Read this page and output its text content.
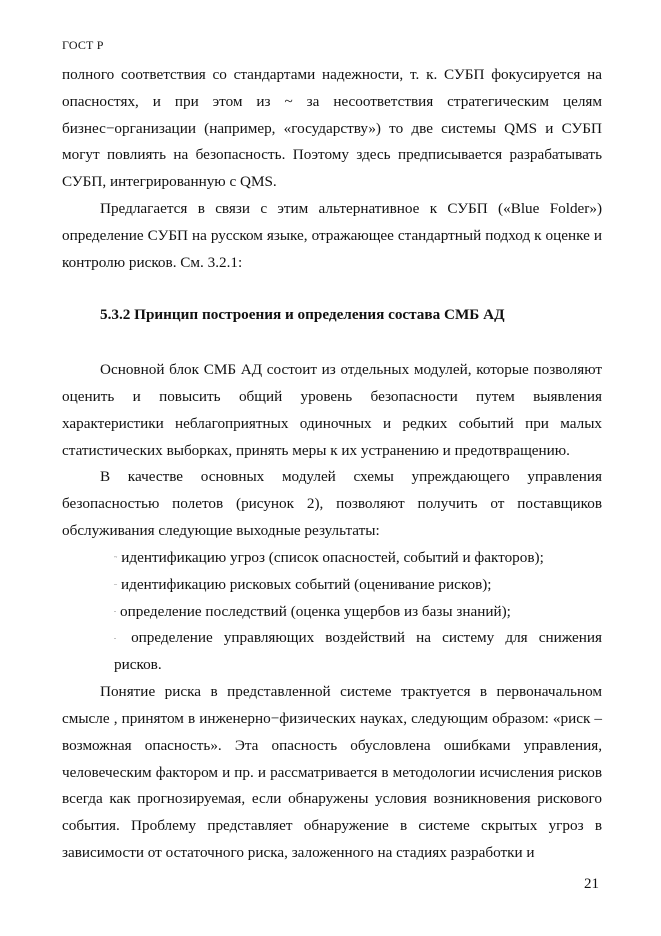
ГОСТ Р

полного соответствия со стандартами надежности, т. к. СУБП фокусируется на опасностях, и при этом из ~ за несоответствия стратегическим целям бизнес−организации (например, «государству») то две системы QMS и СУБП могут повлиять на безопасность. Поэтому здесь предписывается разрабатывать СУБП, интегрированную с QMS.

Предлагается в связи с этим альтернативное к СУБП («Blue Folder») определение СУБП на русском языке, отражающее стандартный подход к оценке и контролю рисков. См. 3.2.1:

5.3.2 Принцип построения и определения состава СМБ АД

Основной блок СМБ АД состоит из отдельных модулей, которые позволяют оценить и повысить общий уровень безопасности путем выявления характеристики неблагоприятных одиночных и редких событий при малых статистических выборках, принять меры к их устранению и предотвращению.

В качестве основных модулей схемы упреждающего управления безопасностью полетов (рисунок 2), позволяют получить от поставщиков обслуживания следующие выходные результаты:

~ идентификацию угроз (список опасностей, событий и факторов);
– идентификацию рисковых событий (оценивание рисков);
- определение последствий (оценка ущербов из базы знаний);
- определение управляющих воздействий на систему для снижения рисков.

Понятие риска в представленной системе трактуется в первоначальном смысле , принятом в инженерно−физических науках, следующим образом: «риск – возможная опасность». Эта опасность обусловлена ошибками управления, человеческим фактором и пр. и рассматривается в методологии исчисления рисков всегда как прогнозируемая, если обнаружены условия возникновения рискового события. Проблему представляет обнаружение в системе скрытых угроз в зависимости от остаточного риска, заложенного на стадиях разработки и

21
